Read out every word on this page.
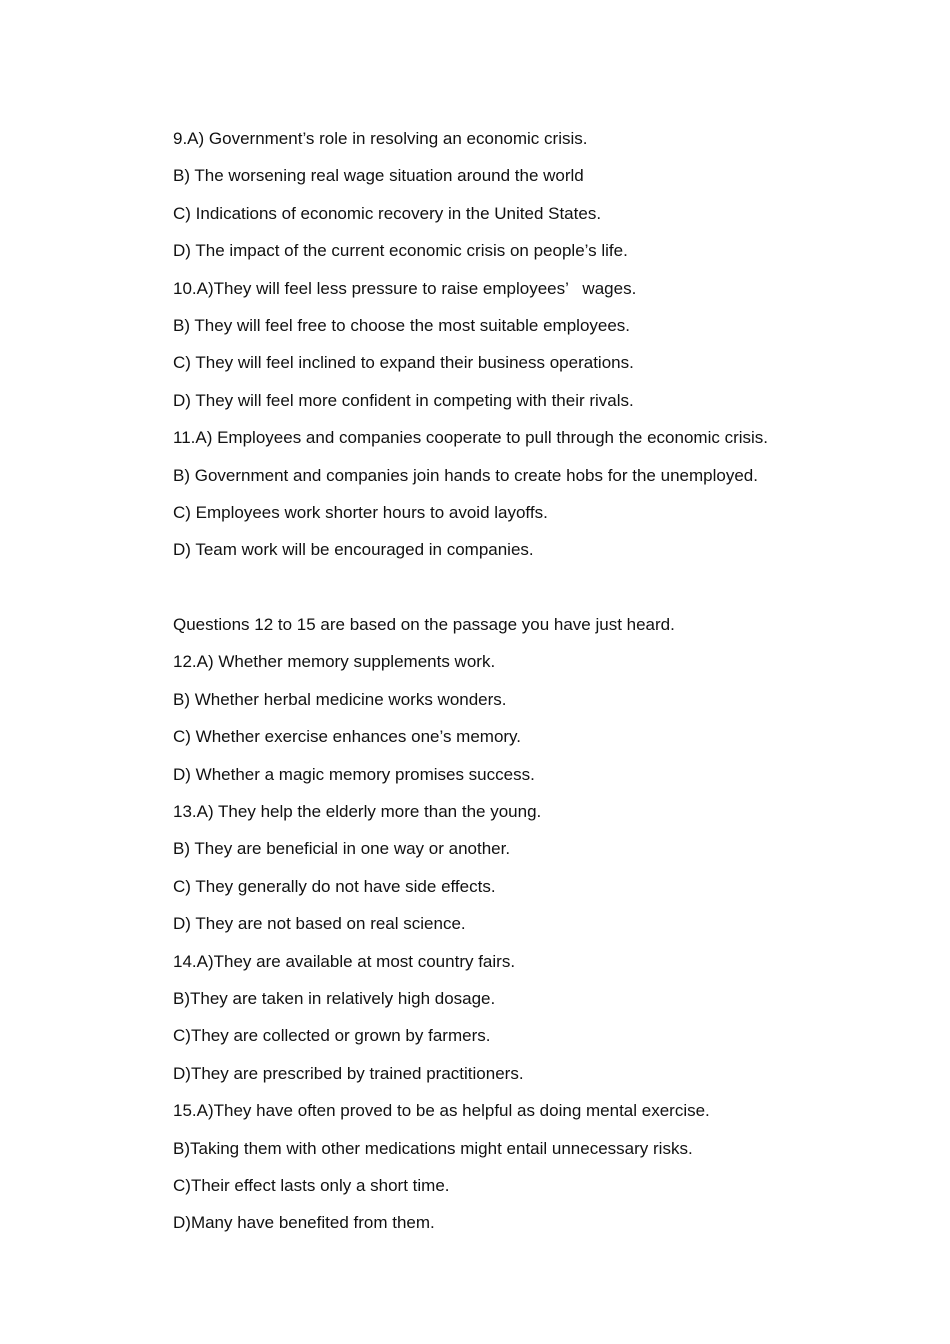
9.A) Government’s role in resolving an economic crisis.

B) The worsening real wage situation around the world

C) Indications of economic recovery in the United States.

D) The impact of the current economic crisis on people’s life.

10.A)They will feel less pressure to raise employees’   wages.

B) They will feel free to choose the most suitable employees.

C) They will feel inclined to expand their business operations.

D) They will feel more confident in competing with their rivals.

11.A) Employees and companies cooperate to pull through the economic crisis.

B) Government and companies join hands to create hobs for the unemployed.

C) Employees work shorter hours to avoid layoffs.

D) Team work will be encouraged in companies.

Questions 12 to 15 are based on the passage you have just heard.

12.A) Whether memory supplements work.

B) Whether herbal medicine works wonders.

C) Whether exercise enhances one’s memory.

D) Whether a magic memory promises success.

13.A) They help the elderly more than the young.

B) They are beneficial in one way or another.

C) They generally do not have side effects.

D) They are not based on real science.

14.A)They are available at most country fairs.

B)They are taken in relatively high dosage.

C)They are collected or grown by farmers.

D)They are prescribed by trained practitioners.

15.A)They have often proved to be as helpful as doing mental exercise.

B)Taking them with other medications might entail unnecessary risks.

C)Their effect lasts only a short time.

D)Many have benefited from them.
